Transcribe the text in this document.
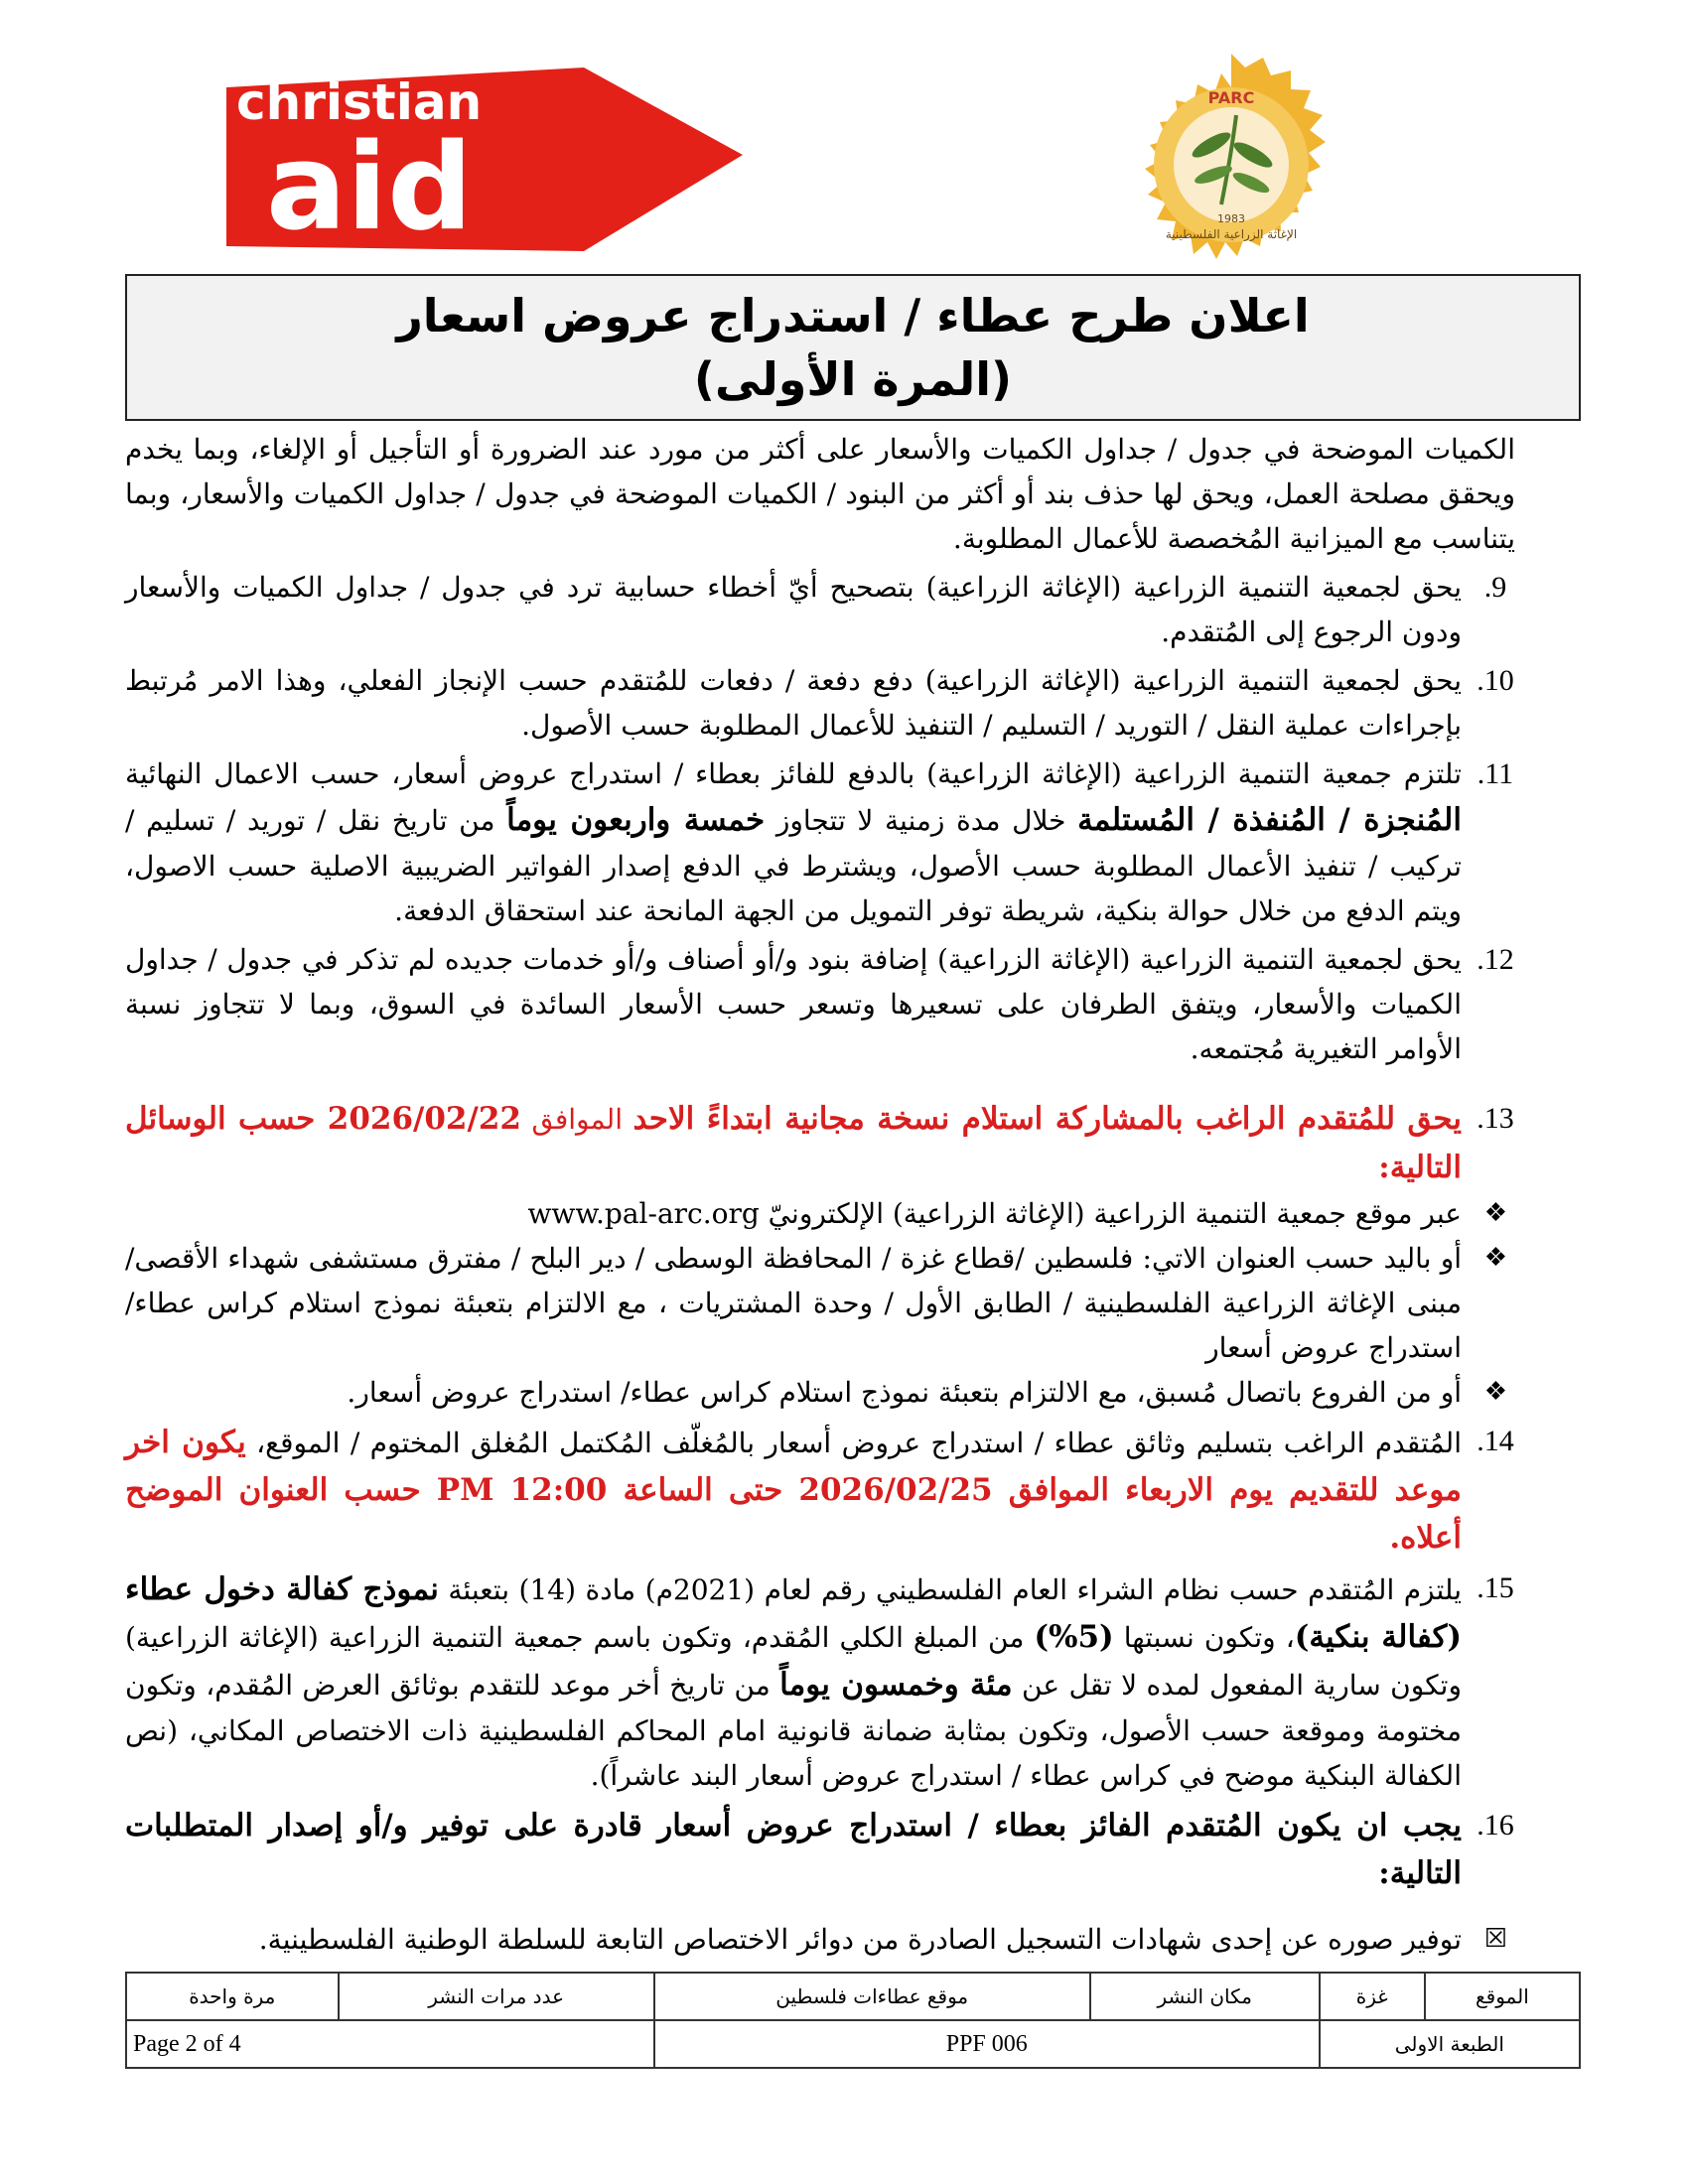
christian
aid
PARC
1983
الإغاثة الزراعية الفلسطينية
اعلان طرح عطاء / استدراج عروض اسعار
(المرة الأولى)

الكميات الموضحة في جدول / جداول الكميات والأسعار على أكثر من مورد عند الضرورة أو التأجيل أو الإلغاء، وبما يخدم ويحقق مصلحة العمل، ويحق لها حذف بند أو أكثر من البنود / الكميات الموضحة في جدول / جداول الكميات والأسعار، وبما يتناسب مع الميزانية المُخصصة للأعمال المطلوبة.

.9
يحق لجمعية التنمية الزراعية (الإغاثة الزراعية) بتصحيح أيّ أخطاء حسابية ترد في جدول / جداول الكميات والأسعار ودون الرجوع إلى المُتقدم.
.10
يحق لجمعية التنمية الزراعية (الإغاثة الزراعية) دفع دفعة / دفعات للمُتقدم حسب الإنجاز الفعلي، وهذا الامر مُرتبط بإجراءات عملية النقل / التوريد / التسليم / التنفيذ للأعمال المطلوبة حسب الأصول.
.11
تلتزم جمعية التنمية الزراعية (الإغاثة الزراعية) بالدفع للفائز بعطاء / استدراج عروض أسعار، حسب الاعمال النهائية المُنجزة / المُنفذة / المُستلمة خلال مدة زمنية لا تتجاوز خمسة واربعون يوماً من تاريخ نقل / توريد / تسليم / تركيب / تنفيذ الأعمال المطلوبة حسب الأصول، ويشترط في الدفع إصدار الفواتير الضريبية الاصلية حسب الاصول، ويتم الدفع من خلال حوالة بنكية، شريطة توفر التمويل من الجهة المانحة عند استحقاق الدفعة.
.12
يحق لجمعية التنمية الزراعية (الإغاثة الزراعية) إضافة بنود و/أو أصناف و/أو خدمات جديده لم تذكر في جدول / جداول الكميات والأسعار، ويتفق الطرفان على تسعيرها وتسعر حسب الأسعار السائدة في السوق، وبما لا تتجاوز نسبة الأوامر التغيرية مُجتمعه.
.13
يحق للمُتقدم الراغب بالمشاركة استلام نسخة مجانية ابتداءً الاحد الموافق 2026/02/22 حسب الوسائل التالية:
❖
عبر موقع جمعية التنمية الزراعية (الإغاثة الزراعية) الإلكترونيّ www.pal-arc.org
❖
أو باليد حسب العنوان الاتي: فلسطين /قطاع غزة / المحافظة الوسطى / دير البلح / مفترق مستشفى شهداء الأقصى/ مبنى الإغاثة الزراعية الفلسطينية / الطابق الأول / وحدة المشتريات ، مع الالتزام بتعبئة نموذج استلام كراس عطاء/ استدراج عروض أسعار
❖
أو من الفروع باتصال مُسبق، مع الالتزام بتعبئة نموذج استلام كراس عطاء/ استدراج عروض أسعار.
.14
المُتقدم الراغب بتسليم وثائق عطاء / استدراج عروض أسعار بالمُغلّف المُكتمل المُغلق المختوم / الموقع، يكون اخر موعد للتقديم يوم الاربعاء الموافق 2026/02/25 حتى الساعة 12:00 PM حسب العنوان الموضح أعلاه.
.15
يلتزم المُتقدم حسب نظام الشراء العام الفلسطيني رقم لعام (2021م) مادة (14) بتعبئة نموذج كفالة دخول عطاء (كفالة بنكية)، وتكون نسبتها (5%) من المبلغ الكلي المُقدم، وتكون باسم جمعية التنمية الزراعية (الإغاثة الزراعية) وتكون سارية المفعول لمده لا تقل عن مئة وخمسون يوماً من تاريخ أخر موعد للتقدم بوثائق العرض المُقدم، وتكون مختومة وموقعة حسب الأصول، وتكون بمثابة ضمانة قانونية امام المحاكم الفلسطينية ذات الاختصاص المكاني، (نص الكفالة البنكية موضح في كراس عطاء / استدراج عروض أسعار البند عاشراً).
.16
يجب ان يكون المُتقدم الفائز بعطاء / استدراج عروض أسعار قادرة على توفير و/أو إصدار المتطلبات التالية:
☒
توفير صوره عن إحدى شهادات التسجيل الصادرة من دوائر الاختصاص التابعة للسلطة الوطنية الفلسطينية.
مرة واحدة	عدد مرات النشر	موقع عطاءات فلسطين	مكان النشر	غزة	الموقع
Page 2 of 4		PPF 006		الطبعة الاولى	
